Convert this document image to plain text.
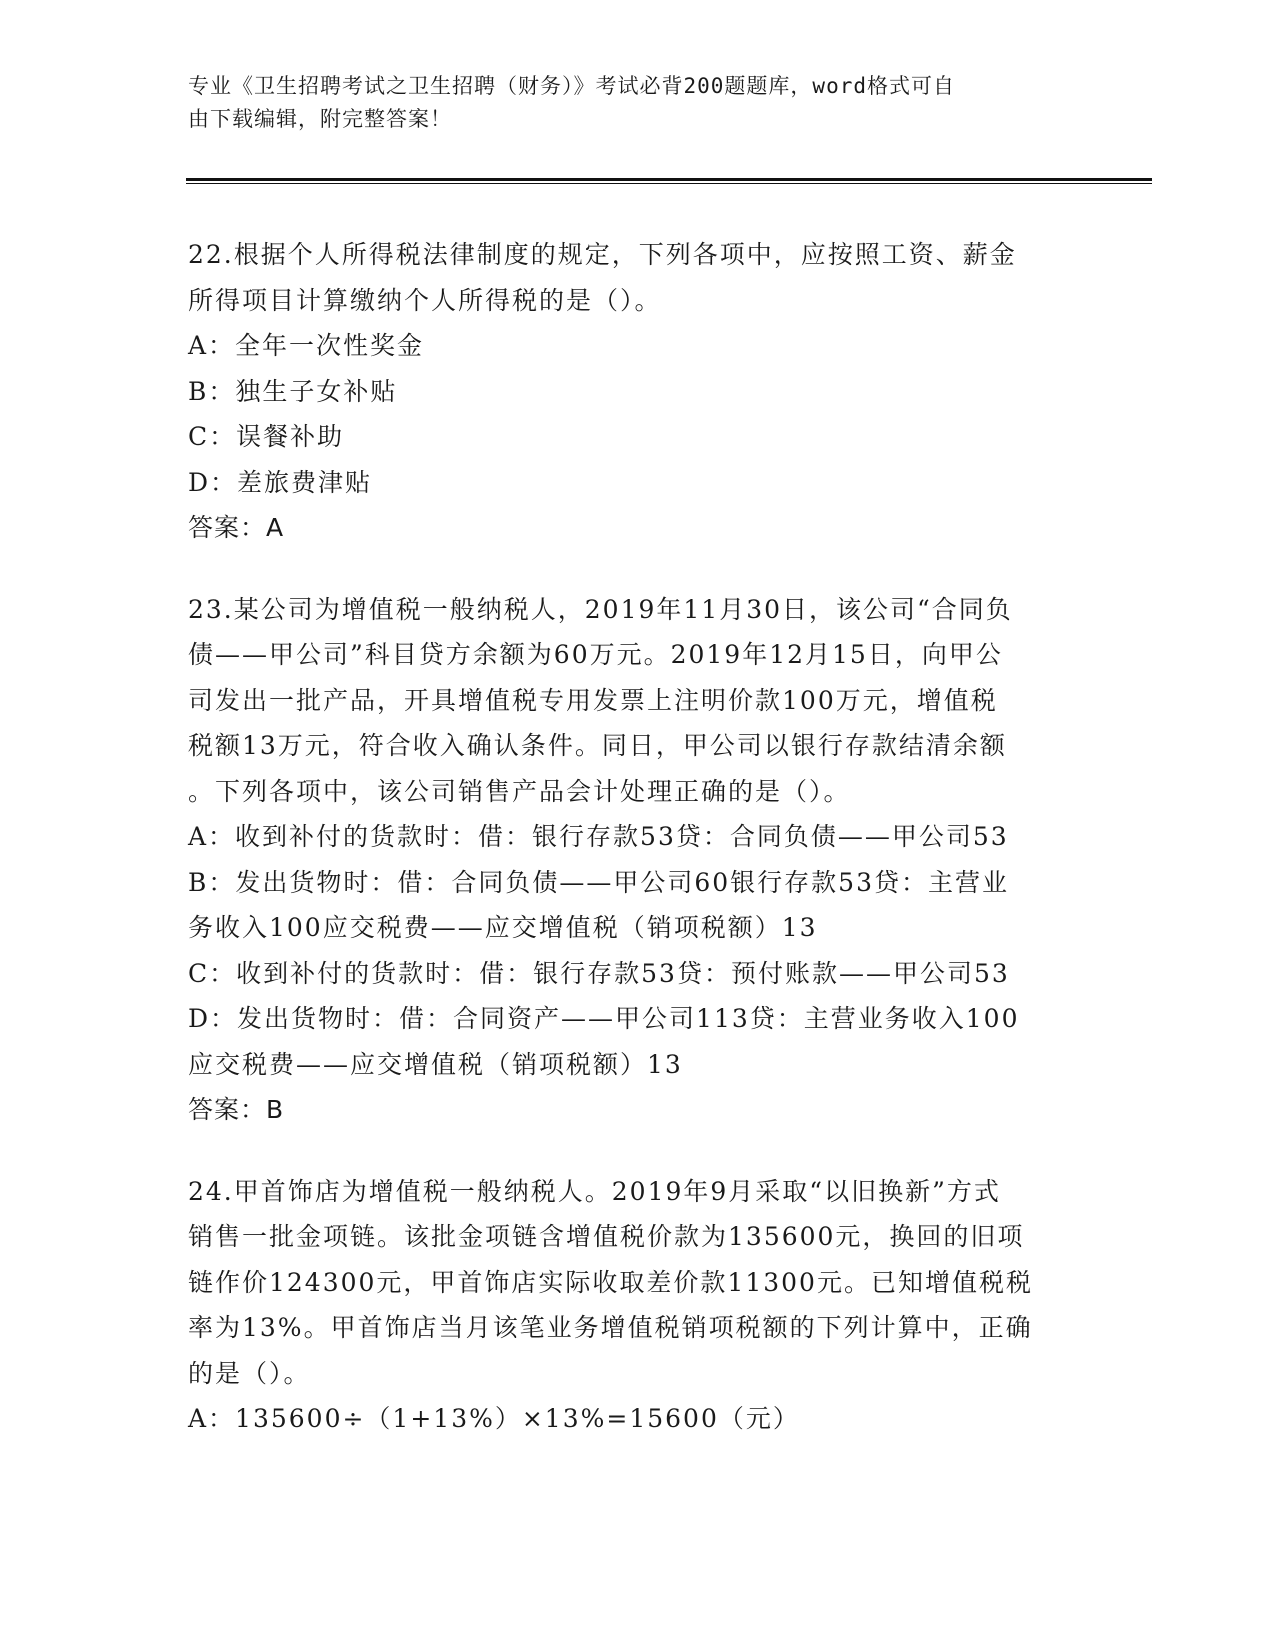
专业《卫生招聘考试之卫生招聘（财务）》考试必背200题题库，word格式可自

由下载编辑，附完整答案！

22.根据个人所得税法律制度的规定，下列各项中，应按照工资、薪金

所得项目计算缴纳个人所得税的是（）。

A：全年一次性奖金

B：独生子女补贴

C：误餐补助

D：差旅费津贴

答案：A

23.某公司为增值税一般纳税人，2019年11月30日，该公司“合同负

债——甲公司”科目贷方余额为60万元。2019年12月15日，向甲公

司发出一批产品，开具增值税专用发票上注明价款100万元，增值税

税额13万元，符合收入确认条件。同日，甲公司以银行存款结清余额

。下列各项中，该公司销售产品会计处理正确的是（）。

A：收到补付的货款时：借：银行存款53贷：合同负债——甲公司53

B：发出货物时：借：合同负债——甲公司60银行存款53贷：主营业

务收入100应交税费——应交增值税（销项税额）13

C：收到补付的货款时：借：银行存款53贷：预付账款——甲公司53

D：发出货物时：借：合同资产——甲公司113贷：主营业务收入100

应交税费——应交增值税（销项税额）13

答案：B

24.甲首饰店为增值税一般纳税人。2019年9月采取“以旧换新”方式

销售一批金项链。该批金项链含增值税价款为135600元，换回的旧项

链作价124300元，甲首饰店实际收取差价款11300元。已知增值税税

率为13%。甲首饰店当月该笔业务增值税销项税额的下列计算中，正确

的是（）。

A：135600÷（1+13%）×13%=15600（元）
